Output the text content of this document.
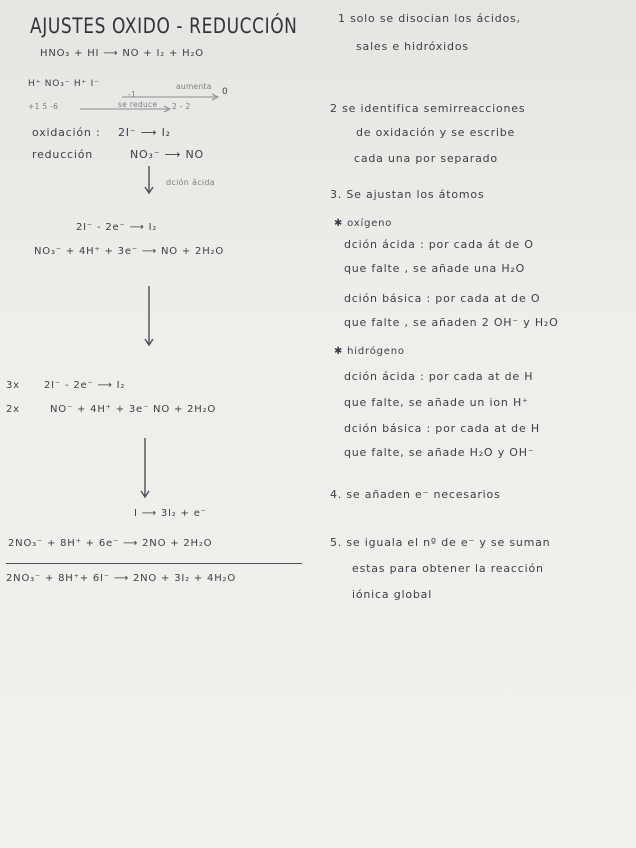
AJUSTES OXIDO - REDUCCIÓN
HNO₃ + HI ⟶ NO + I₂ + H₂O
H⁺ NO₃⁻ H⁺ I⁻	aumenta
0
-1
+1 5 -6	se reduce 2 - 2
oxidación : 2I⁻ ⟶ I₂
reducción	NO₃⁻ ⟶ NO
dción ácida
2I⁻ - 2e⁻ ⟶ I₂
NO₃⁻ + 4H⁺ + 3e⁻ ⟶ NO + 2H₂O
3x 2I⁻ - 2e⁻ ⟶ I₂
2x	NO⁻ + 4H⁺ + 3e⁻ NO + 2H₂O
I ⟶ 3I₂ + e⁻
2NO₃⁻ + 8H⁺ + 6e⁻ ⟶ 2NO + 2H₂O
2NO₃⁻ + 8H⁺+ 6I⁻ ⟶ 2NO + 3I₂ + 4H₂O
1 solo se disocian los ácidos,
sales e hidróxidos
2 se identifica semirreacciones
de oxidación y se escribe
cada una por separado
3. Se ajustan los átomos
✱ oxígeno
dción ácida : por cada át de O
que falte , se añade una H₂O
dción básica : por cada at de O
que falte , se añaden 2 OH⁻ y H₂O
✱ hidrógeno
dción ácida : por cada at de H
que falte, se añade un ion H⁺
dción básica : por cada at de H
que falte, se añade H₂O y OH⁻
4. se añaden e⁻ necesarios
5. se iguala el nº de e⁻ y se suman
estas para obtener la reacción
iónica global
